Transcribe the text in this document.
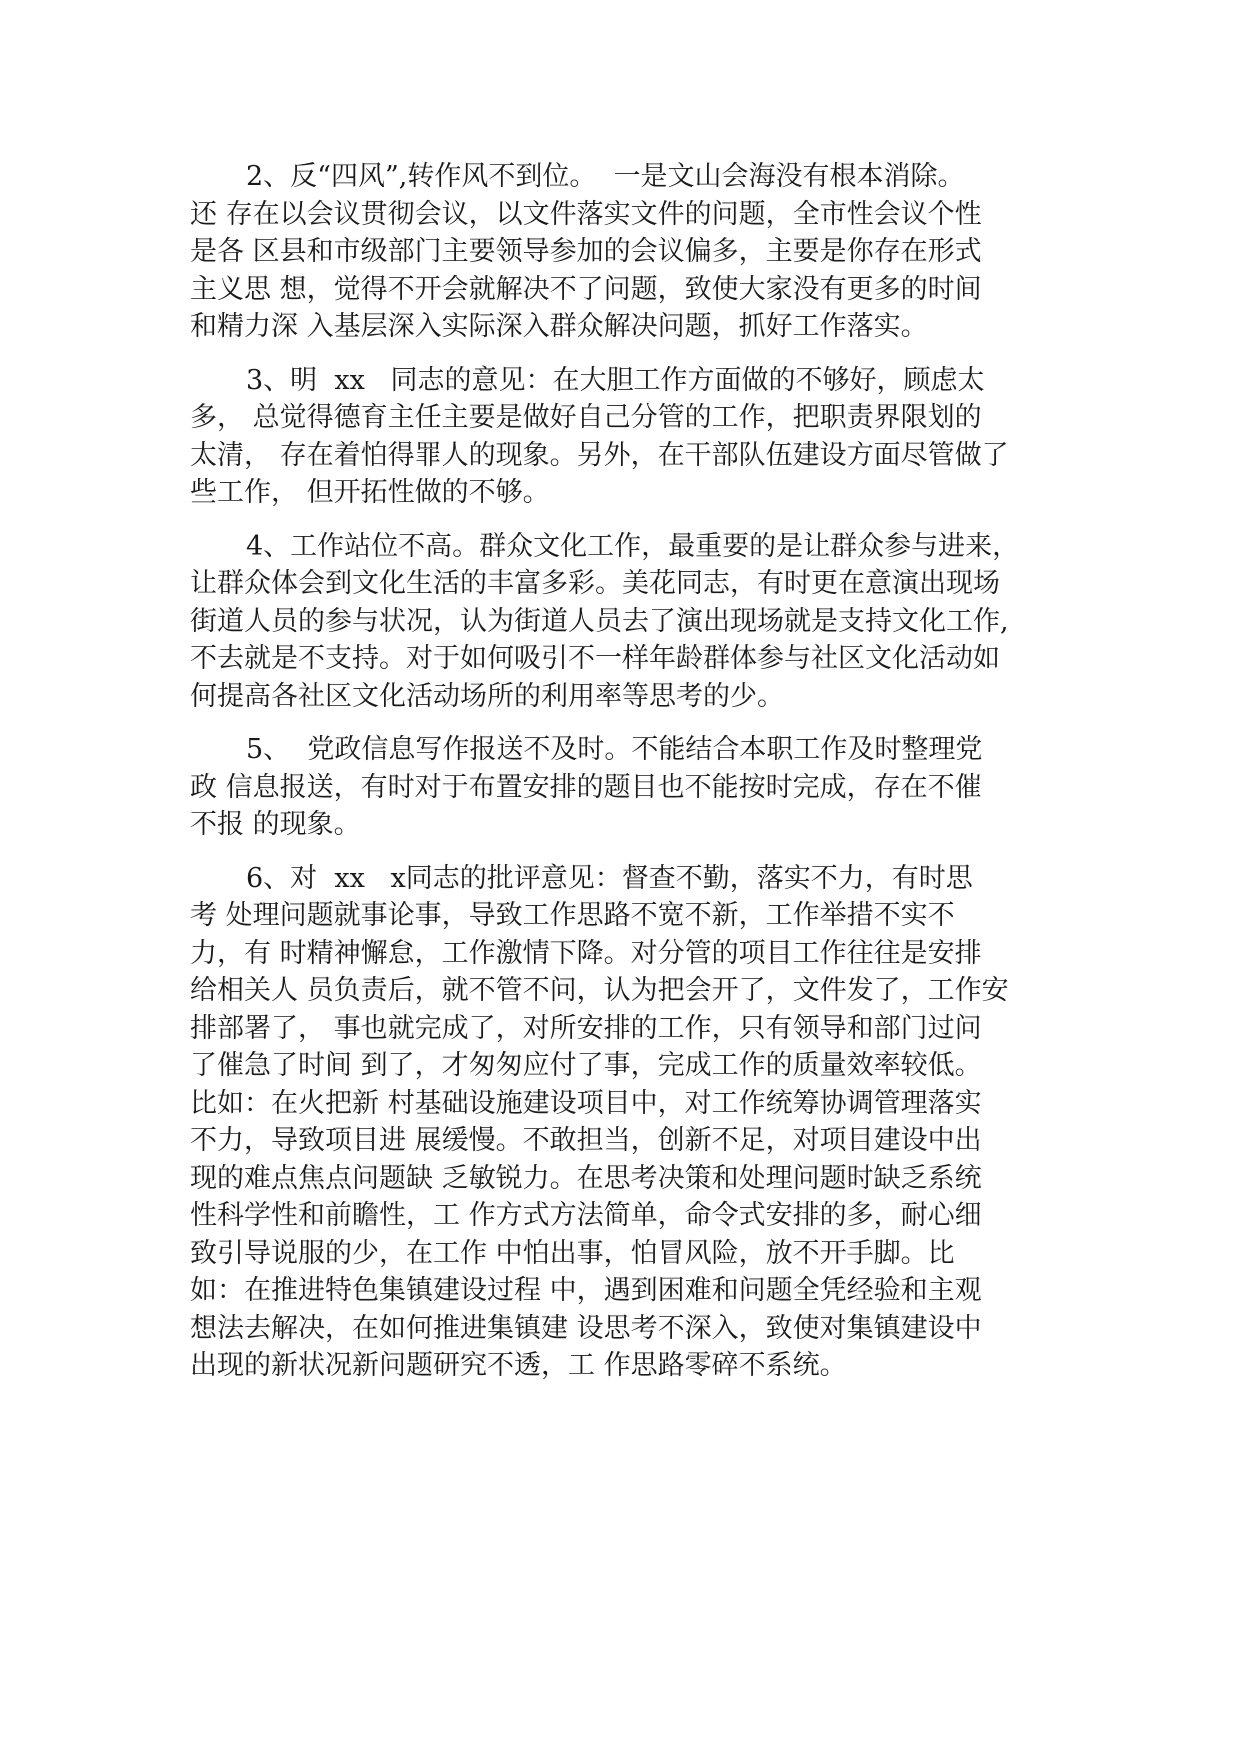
2、反“四风”,转作风不到位。  一是文山会海没有根本消除。
还 存在以会议贯彻会议，以文件落实文件的问题，全市性会议个性
是各 区县和市级部门主要领导参加的会议偏多，主要是你存在形式
主义思 想，觉得不开会就解决不了问题，致使大家没有更多的时间
和精力深 入基层深入实际深入群众解决问题，抓好工作落实。

3、明  xx   同志的意见：在大胆工作方面做的不够好，顾虑太
多， 总觉得德育主任主要是做好自己分管的工作，把职责界限划的
太清， 存在着怕得罪人的现象。另外，在干部队伍建设方面尽管做了
些工作， 但开拓性做的不够。

4、工作站位不高。群众文化工作，最重要的是让群众参与进来，
让群众体会到文化生活的丰富多彩。美花同志，有时更在意演出现场
街道人员的参与状况，认为街道人员去了演出现场就是支持文化工作,
不去就是不支持。对于如何吸引不一样年龄群体参与社区文化活动如
何提高各社区文化活动场所的利用率等思考的少。

5、  党政信息写作报送不及时。不能结合本职工作及时整理党
政 信息报送，有时对于布置安排的题目也不能按时完成，存在不催
不报 的现象。

6、对  xx   x同志的批评意见：督查不勤，落实不力，有时思
考 处理问题就事论事，导致工作思路不宽不新，工作举措不实不
力，有 时精神懈怠，工作激情下降。对分管的项目工作往往是安排
给相关人 员负责后，就不管不问，认为把会开了，文件发了，工作安
排部署了， 事也就完成了，对所安排的工作，只有领导和部门过问
了催急了时间 到了，才匆匆应付了事，完成工作的质量效率较低。
比如：在火把新 村基础设施建设项目中，对工作统筹协调管理落实
不力，导致项目进 展缓慢。不敢担当，创新不足，对项目建设中出
现的难点焦点问题缺 乏敏锐力。在思考决策和处理问题时缺乏系统
性科学性和前瞻性，工 作方式方法简单，命令式安排的多，耐心细
致引导说服的少，在工作 中怕出事，怕冒风险，放不开手脚。比
如：在推进特色集镇建设过程 中，遇到困难和问题全凭经验和主观
想法去解决，在如何推进集镇建 设思考不深入，致使对集镇建设中
出现的新状况新问题研究不透，工 作思路零碎不系统。
